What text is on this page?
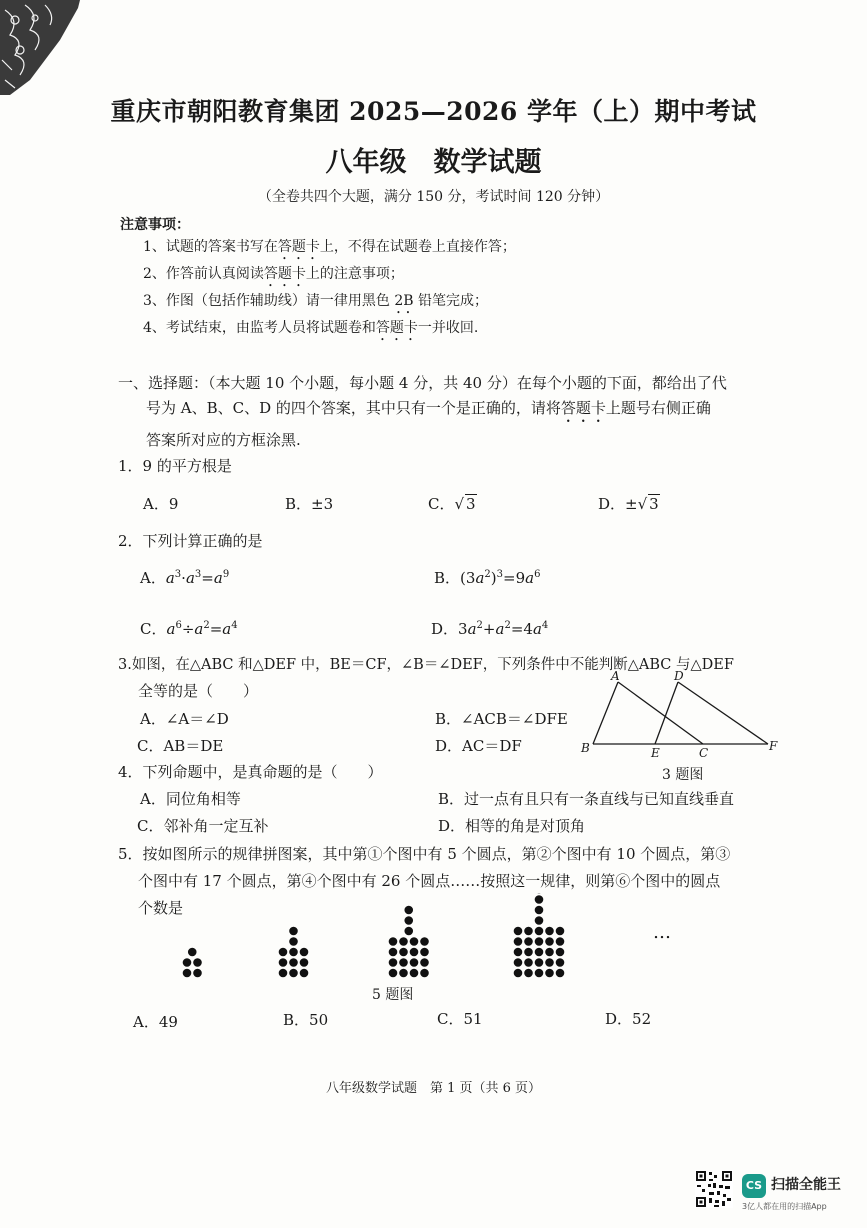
重庆市朝阳教育集团 2025—2026 学年（上）期中考试
八年级　数学试题
（全卷共四个大题，满分 150 分，考试时间 120 分钟）
注意事项：
1、试题的答案书写在答题卡上，不得在试题卷上直接作答；
2、作答前认真阅读答题卡上的注意事项；
3、作图（包括作辅助线）请一律用黑色 2B 铅笔完成；
4、考试结束，由监考人员将试题卷和答题卡一并收回.
一、选择题：（本大题 10 个小题，每小题 4 分，共 40 分）在每个小题的下面，都给出了代
号为 A、B、C、D 的四个答案，其中只有一个是正确的，请将答题卡上题号右侧正确
答案所对应的方框涂黑.
1．9 的平方根是
A．9	B．±3	C．√ 3	D．±√ 3
2．下列计算正确的是
A．$a^3\cdot a^3=a^9$	B．$(3a^2)^3=9a^6$
C．$a^6\div a^2=a^4$	D．$3a^2+a^2=4a^4$
3.如图，在△ABC 和△DEF 中，BE＝CF，∠B＝∠DEF，下列条件中不能判断△ABC 与△DEF
全等的是（　　）
A．∠A＝∠D	B．∠ACB＝∠DFE
C．AB＝DE	D．AC＝DF
A	D
B	E	C	F
3 题图
4．下列命题中，是真命题的是（　　）
A．同位角相等	B．过一点有且只有一条直线与已知直线垂直
C．邻补角一定互补	D．相等的角是对顶角
5．按如图所示的规律拼图案，其中第①个图中有 5 个圆点，第②个图中有 10 个圆点，第③
个图中有 17 个圆点，第④个图中有 26 个圆点……按照这一规律，则第⑥个图中的圆点
个数是
…
5 题图
A．49	B．50	C．51	D．52
八年级数学试题　第 1 页（共 6 页）
CS 扫描全能王
3亿人都在用的扫描App
